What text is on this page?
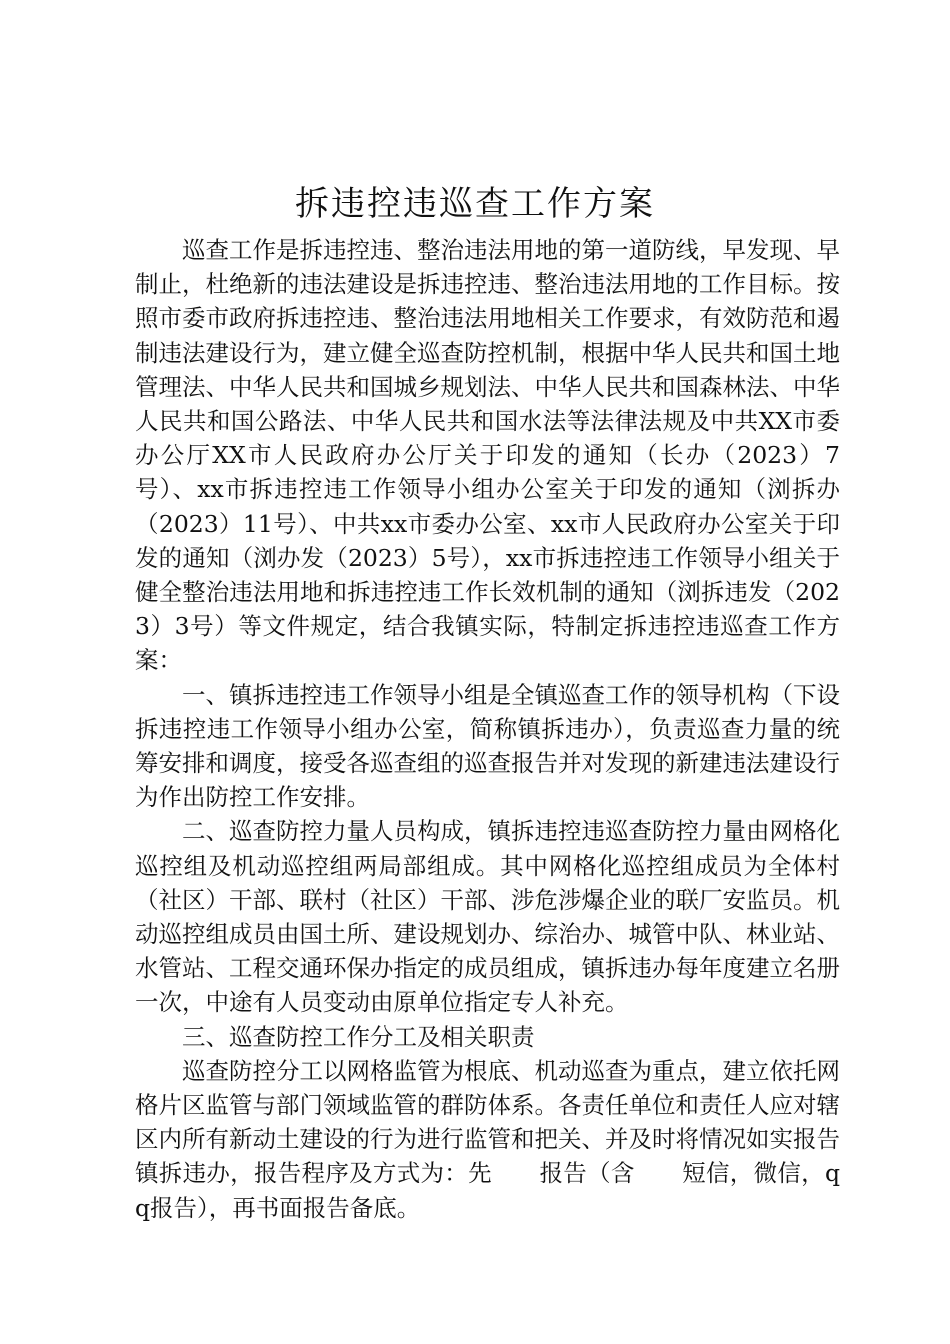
拆违控违巡查工作方案

巡查工作是拆违控违、整治违法用地的第一道防线，早发现、早制止，杜绝新的违法建设是拆违控违、整治违法用地的工作目标。按照市委市政府拆违控违、整治违法用地相关工作要求，有效防范和遏制违法建设行为，建立健全巡查防控机制，根据中华人民共和国土地管理法、中华人民共和国城乡规划法、中华人民共和国森林法、中华人民共和国公路法、中华人民共和国水法等法律法规及中共XX市委办公厅XX市人民政府办公厅关于印发的通知（长办（2023）7号）、xx市拆违控违工作领导小组办公室关于印发的通知（浏拆办（2023）11号）、中共xx市委办公室、xx市人民政府办公室关于印发的通知（浏办发（2023）5号），xx市拆违控违工作领导小组关于健全整治违法用地和拆违控违工作长效机制的通知（浏拆违发（2023）3号）等文件规定，结合我镇实际，特制定拆违控违巡查工作方案：

一、镇拆违控违工作领导小组是全镇巡查工作的领导机构（下设拆违控违工作领导小组办公室，简称镇拆违办），负责巡查力量的统筹安排和调度，接受各巡查组的巡查报告并对发现的新建违法建设行为作出防控工作安排。

二、巡查防控力量人员构成，镇拆违控违巡查防控力量由网格化巡控组及机动巡控组两局部组成。其中网格化巡控组成员为全体村（社区）干部、联村（社区）干部、涉危涉爆企业的联厂安监员。机动巡控组成员由国土所、建设规划办、综治办、城管中队、林业站、水管站、工程交通环保办指定的成员组成，镇拆违办每年度建立名册一次，中途有人员变动由原单位指定专人补充。

三、巡查防控工作分工及相关职责

巡查防控分工以网格监管为根底、机动巡查为重点，建立依托网格片区监管与部门领域监管的群防体系。各责任单位和责任人应对辖区内所有新动土建设的行为进行监管和把关、并及时将情况如实报告镇拆违办，报告程序及方式为：先　　报告（含　　短信，微信，qq报告），再书面报告备底。
